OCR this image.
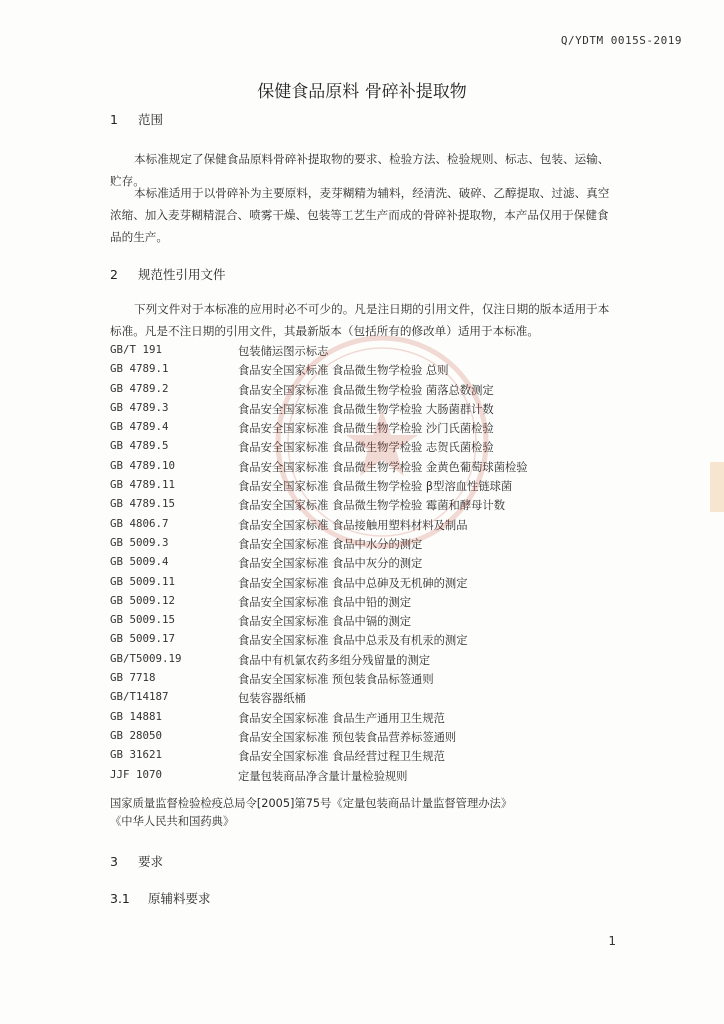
Q/YDTM 0015S-2019
保健食品原料 骨碎补提取物
1 范围

本标准规定了保健食品原料骨碎补提取物的要求、检验方法、检验规则、标志、包装、运输、贮存。

本标准适用于以骨碎补为主要原料，麦芽糊精为辅料，经清洗、破碎、乙醇提取、过滤、真空浓缩、加入麦芽糊精混合、喷雾干燥、包装等工艺生产而成的骨碎补提取物，本产品仅用于保健食品的生产。

2 规范性引用文件

下列文件对于本标准的应用时必不可少的。凡是注日期的引用文件，仅注日期的版本适用于本标准。凡是不注日期的引用文件，其最新版本（包括所有的修改单）适用于本标准。

GB/T 191	包装储运图示标志
GB 4789.1	食品安全国家标准 食品微生物学检验 总则
GB 4789.2	食品安全国家标准 食品微生物学检验 菌落总数测定
GB 4789.3	食品安全国家标准 食品微生物学检验 大肠菌群计数
GB 4789.4	食品安全国家标准 食品微生物学检验 沙门氏菌检验
GB 4789.5	食品安全国家标准 食品微生物学检验 志贺氏菌检验
GB 4789.10	食品安全国家标准 食品微生物学检验 金黄色葡萄球菌检验
GB 4789.11	食品安全国家标准 食品微生物学检验 β型溶血性链球菌
GB 4789.15	食品安全国家标准 食品微生物学检验 霉菌和酵母计数
GB 4806.7	食品安全国家标准 食品接触用塑料材料及制品
GB 5009.3	食品安全国家标准 食品中水分的测定
GB 5009.4	食品安全国家标准 食品中灰分的测定
GB 5009.11	食品安全国家标准 食品中总砷及无机砷的测定
GB 5009.12	食品安全国家标准 食品中铅的测定
GB 5009.15	食品安全国家标准 食品中镉的测定
GB 5009.17	食品安全国家标准 食品中总汞及有机汞的测定
GB/T5009.19	食品中有机氯农药多组分残留量的测定
GB 7718	食品安全国家标准 预包装食品标签通则
GB/T14187	包装容器纸桶
GB 14881	食品安全国家标准 食品生产通用卫生规范
GB 28050	食品安全国家标准 预包装食品营养标签通则
GB 31621	食品安全国家标准 食品经营过程卫生规范
JJF 1070	定量包装商品净含量计量检验规则
国家质量监督检验检疫总局令[2005]第75号《定量包装商品计量监督管理办法》
《中华人民共和国药典》
3 要求
3.1 原辅料要求
1
